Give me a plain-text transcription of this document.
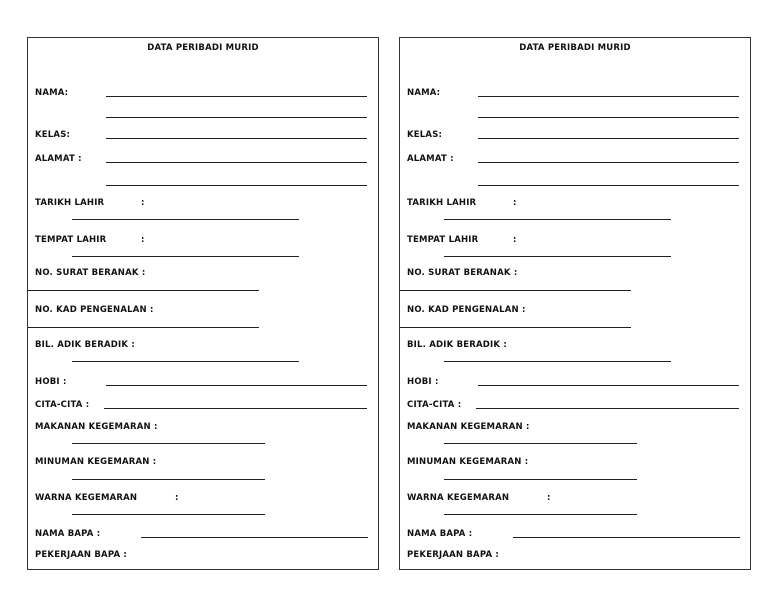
DATA PERIBADI MURID
NAMA:
KELAS:
ALAMAT :
TARIKH LAHIR	:
TEMPAT LAHIR	:
NO. SURAT BERANAK :
NO. KAD PENGENALAN :
BIL. ADIK BERADIK :
HOBI :
CITA-CITA :
MAKANAN KEGEMARAN :
MINUMAN KEGEMARAN :
WARNA KEGEMARAN	:
NAMA BAPA :
PEKERJAAN BAPA :
DATA PERIBADI MURID
NAMA:
KELAS:
ALAMAT :
TARIKH LAHIR	:
TEMPAT LAHIR	:
NO. SURAT BERANAK :
NO. KAD PENGENALAN :
BIL. ADIK BERADIK :
HOBI :
CITA-CITA :
MAKANAN KEGEMARAN :
MINUMAN KEGEMARAN :
WARNA KEGEMARAN	:
NAMA BAPA :
PEKERJAAN BAPA :
